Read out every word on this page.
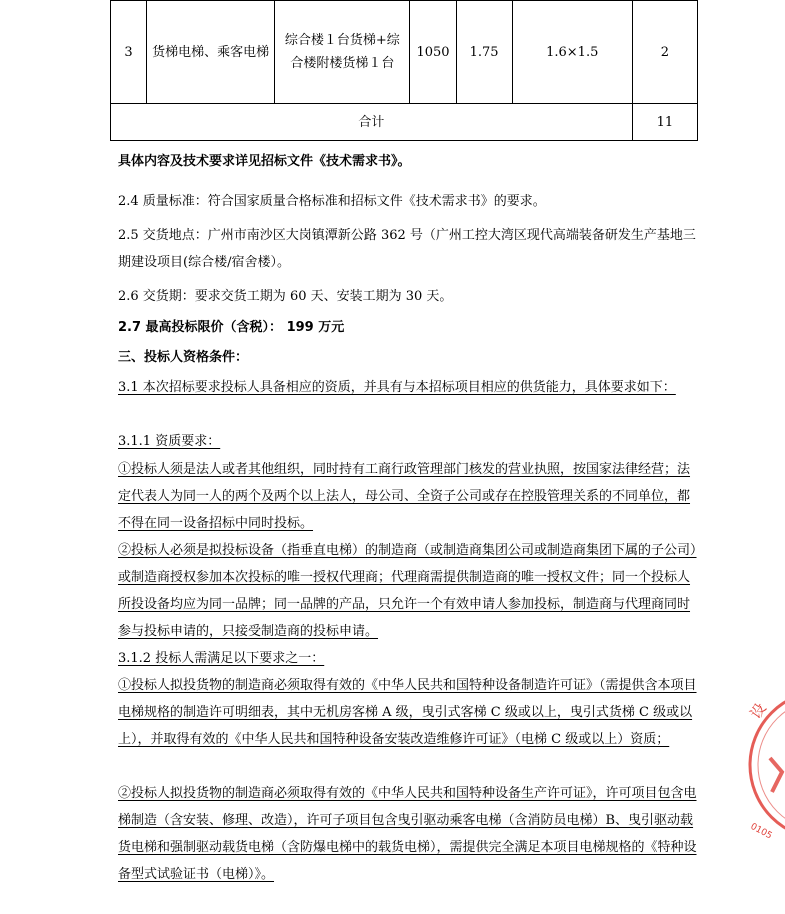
3	货梯电梯、乘客电梯	综合楼１台货梯+综合楼附楼货梯１台	1050	1.75	1.6×1.5	2
合计						11

具体内容及技术要求详见招标文件《技术需求书》。

2.4 质量标准：符合国家质量合格标准和招标文件《技术需求书》的要求。

2.5 交货地点：广州市南沙区大岗镇潭新公路 362 号（广州工控大湾区现代高端装备研发生产基地三期建设项目(综合楼/宿舍楼）。

2.6 交货期：要求交货工期为 60 天、安装工期为 30 天。

2.7 最高投标限价（含税）： 199 万元

三、投标人资格条件：

3.1 本次招标要求投标人具备相应的资质，并具有与本招标项目相应的供货能力，具体要求如下：

3.1.1 资质要求：

①投标人须是法人或者其他组织，同时持有工商行政管理部门核发的营业执照，按国家法律经营；法定代表人为同一人的两个及两个以上法人，母公司、全资子公司或存在控股管理关系的不同单位，都不得在同一设备招标中同时投标。

②投标人必须是拟投标设备（指垂直电梯）的制造商（或制造商集团公司或制造商集团下属的子公司）或制造商授权参加本次投标的唯一授权代理商；代理商需提供制造商的唯一授权文件；同一个投标人所投设备均应为同一品牌；同一品牌的产品，只允许一个有效申请人参加投标，制造商与代理商同时参与投标申请的，只接受制造商的投标申请。

3.1.2 投标人需满足以下要求之一：

①投标人拟投货物的制造商必须取得有效的《中华人民共和国特种设备制造许可证》（需提供含本项目电梯规格的制造许可明细表，其中无机房客梯 A 级，曳引式客梯 C 级或以上，曳引式货梯 C 级或以上），并取得有效的《中华人民共和国特种设备安装改造维修许可证》（电梯 C 级或以上）资质；

②投标人拟投货物的制造商必须取得有效的《中华人民共和国特种设备生产许可证》，许可项目包含电梯制造（含安装、修理、改造），许可子项目包含曳引驱动乘客电梯（含消防员电梯）B、曳引驱动载货电梯和强制驱动载货电梯（含防爆电梯中的载货电梯），需提供完全满足本项目电梯规格的《特种设备型式试验证书（电梯）》。

设
0105
